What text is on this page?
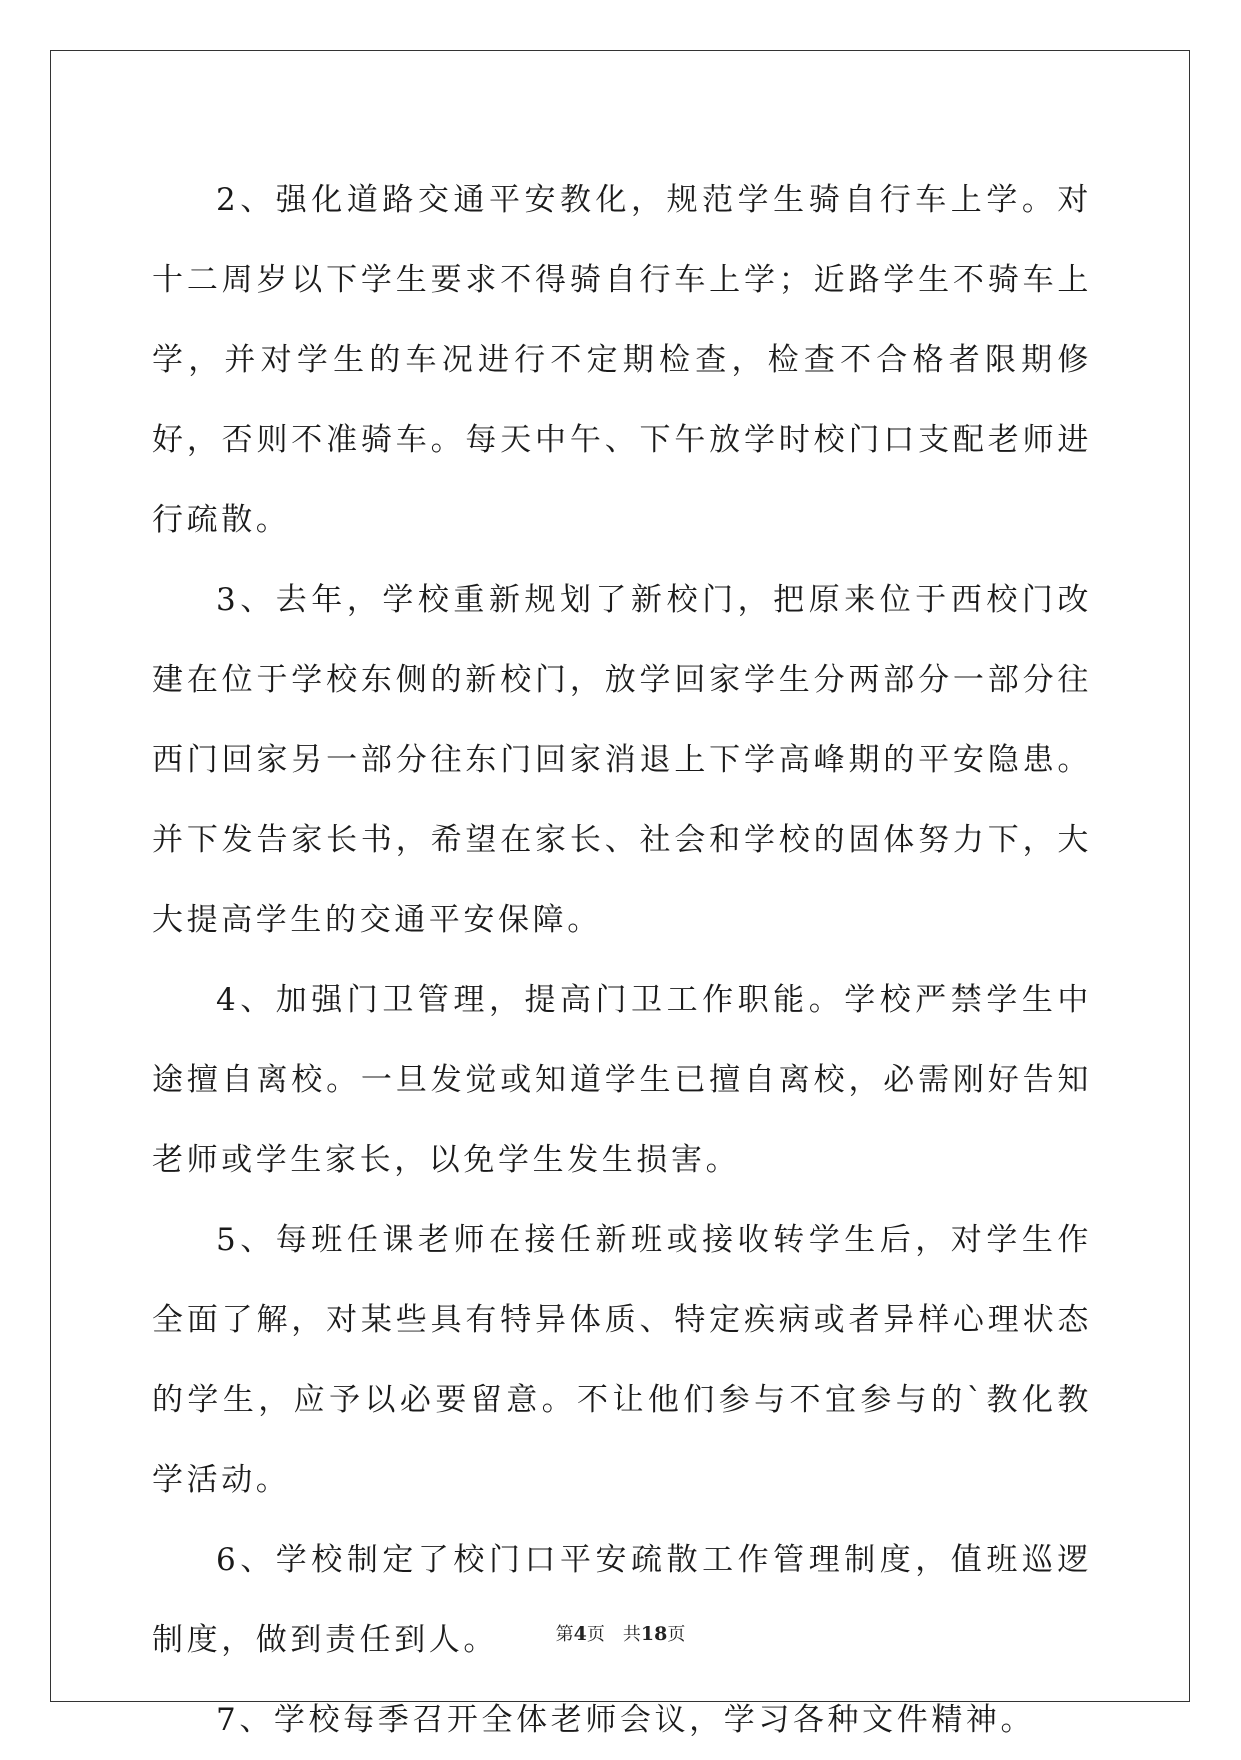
2、强化道路交通平安教化，规范学生骑自行车上学。对十二周岁以下学生要求不得骑自行车上学；近路学生不骑车上学，并对学生的车况进行不定期检查，检查不合格者限期修好，否则不准骑车。每天中午、下午放学时校门口支配老师进行疏散。

3、去年，学校重新规划了新校门，把原来位于西校门改建在位于学校东侧的新校门，放学回家学生分两部分一部分往西门回家另一部分往东门回家消退上下学高峰期的平安隐患。并下发告家长书，希望在家长、社会和学校的固体努力下，大大提高学生的交通平安保障。

4、加强门卫管理，提高门卫工作职能。学校严禁学生中途擅自离校。一旦发觉或知道学生已擅自离校，必需刚好告知老师或学生家长，以免学生发生损害。

5、每班任课老师在接任新班或接收转学生后，对学生作全面了解，对某些具有特异体质、特定疾病或者异样心理状态的学生，应予以必要留意。不让他们参与不宜参与的`教化教学活动。

6、学校制定了校门口平安疏散工作管理制度，值班巡逻制度，做到责任到人。

7、学校每季召开全体老师会议，学习各种文件精神。

第4页 共18页
